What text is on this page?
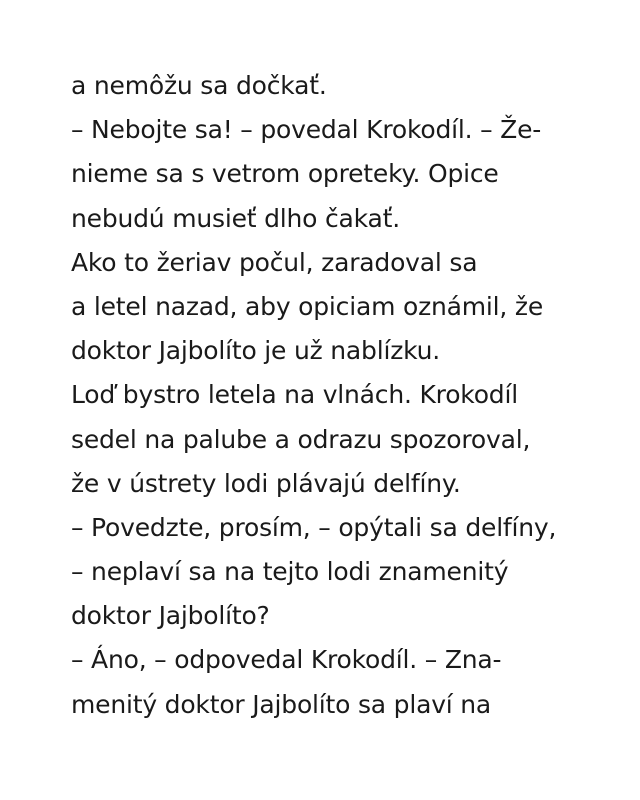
a nemôžu sa dočkať.
– Nebojte sa! – povedal Krokodíl. – Že-
nieme sa s vetrom opreteky. Opice
nebudú musieť dlho čakať.
Ako to žeriav počul, zaradoval sa
a letel nazad, aby opiciam oznámil, že
doktor Jajbolíto je už nablízku.
Loď bystro letela na vlnách. Krokodíl
sedel na palube a odrazu spozoroval,
že v ústrety lodi plávajú delfíny.
– Povedzte, prosím, – opýtali sa delfíny,
– neplaví sa na tejto lodi znamenitý
doktor Jajbolíto?
– Áno, – odpovedal Krokodíl. – Zna-
menitý doktor Jajbolíto sa plaví na
